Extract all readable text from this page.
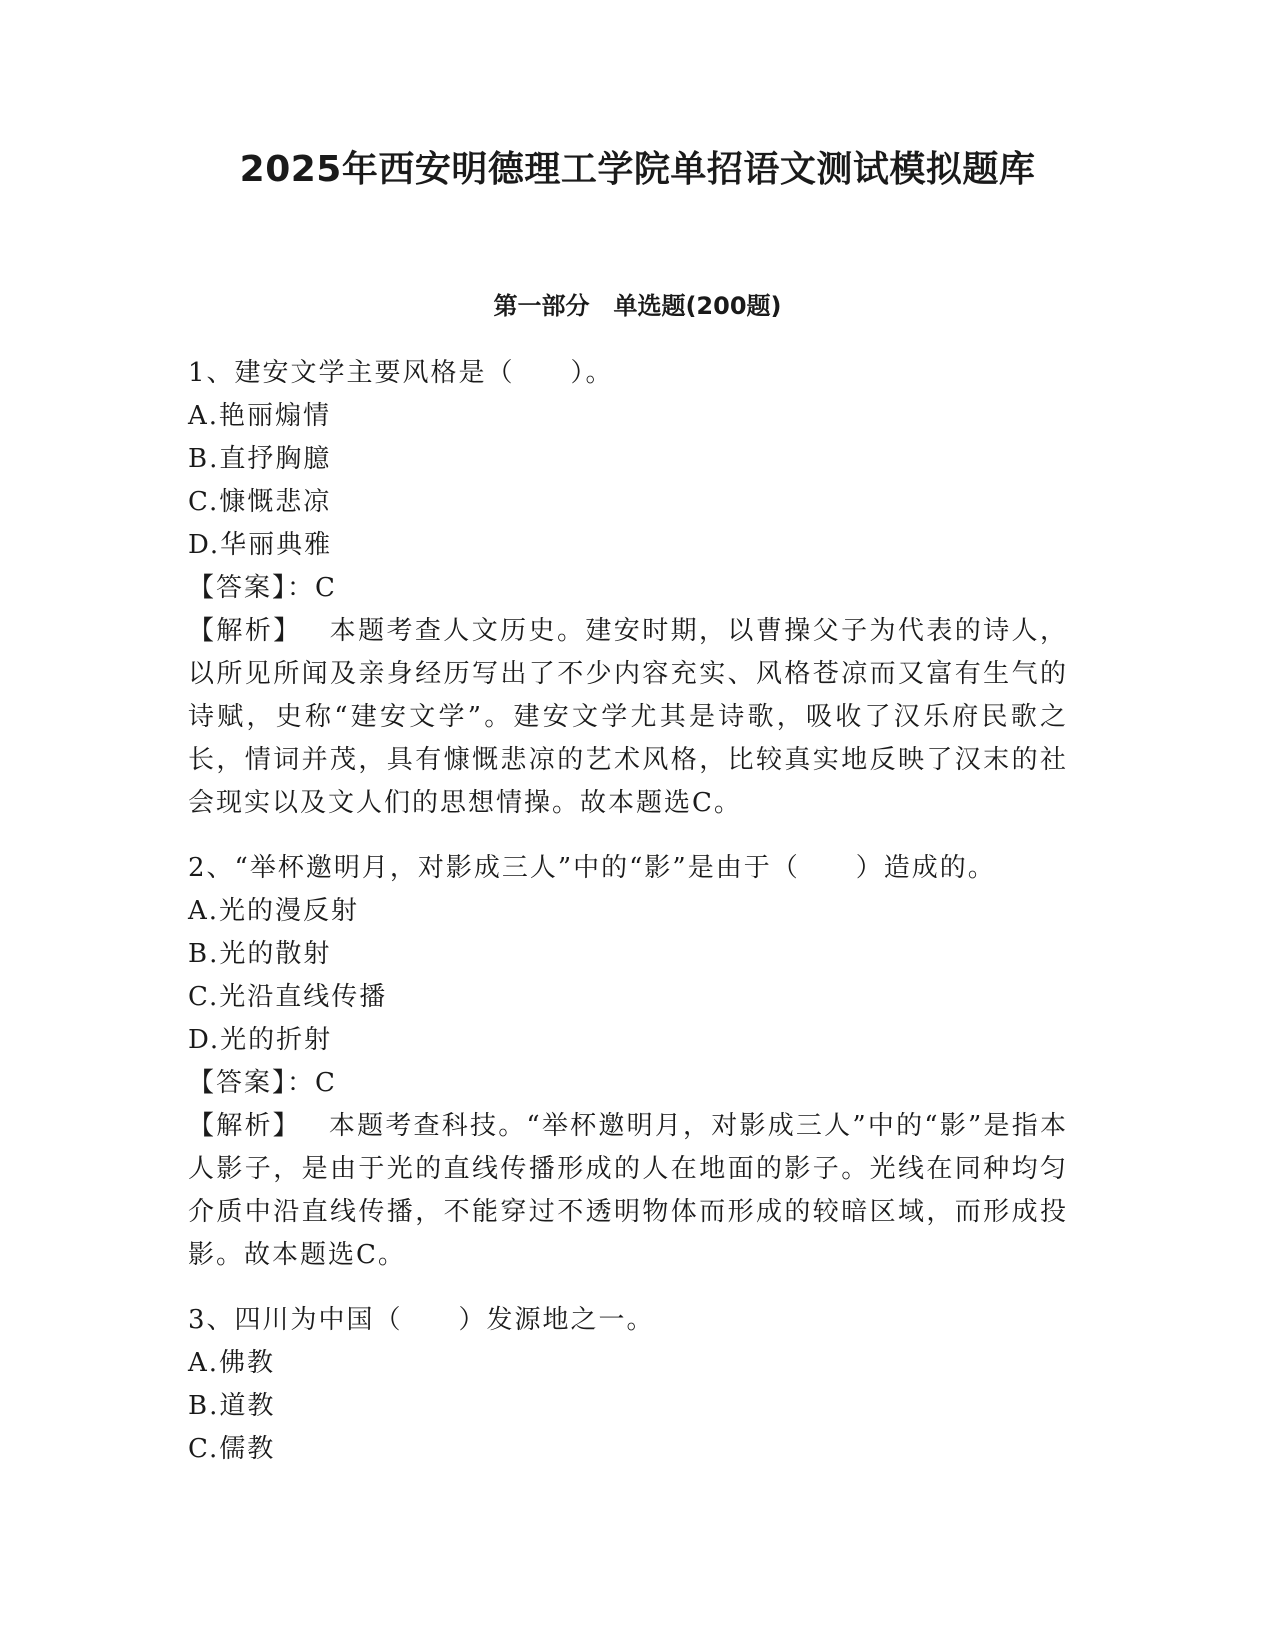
2025年西安明德理工学院单招语文测试模拟题库
第一部分　单选题(200题)
1、建安文学主要风格是（　　）。
A.艳丽煽情
B.直抒胸臆
C.慷慨悲凉
D.华丽典雅
【答案】：C
【解析】 本题考查人文历史。建安时期，以曹操父子为代表的诗人，以所见所闻及亲身经历写出了不少内容充实、风格苍凉而又富有生气的诗赋，史称“建安文学”。建安文学尤其是诗歌，吸收了汉乐府民歌之长，情词并茂，具有慷慨悲凉的艺术风格，比较真实地反映了汉末的社会现实以及文人们的思想情操。故本题选C。
2、“举杯邀明月，对影成三人”中的“影”是由于（　　）造成的。
A.光的漫反射
B.光的散射
C.光沿直线传播
D.光的折射
【答案】：C
【解析】 本题考查科技。“举杯邀明月，对影成三人”中的“影”是指本人影子，是由于光的直线传播形成的人在地面的影子。光线在同种均匀介质中沿直线传播，不能穿过不透明物体而形成的较暗区域，而形成投影。故本题选C。
3、四川为中国（　　）发源地之一。
A.佛教
B.道教
C.儒教
